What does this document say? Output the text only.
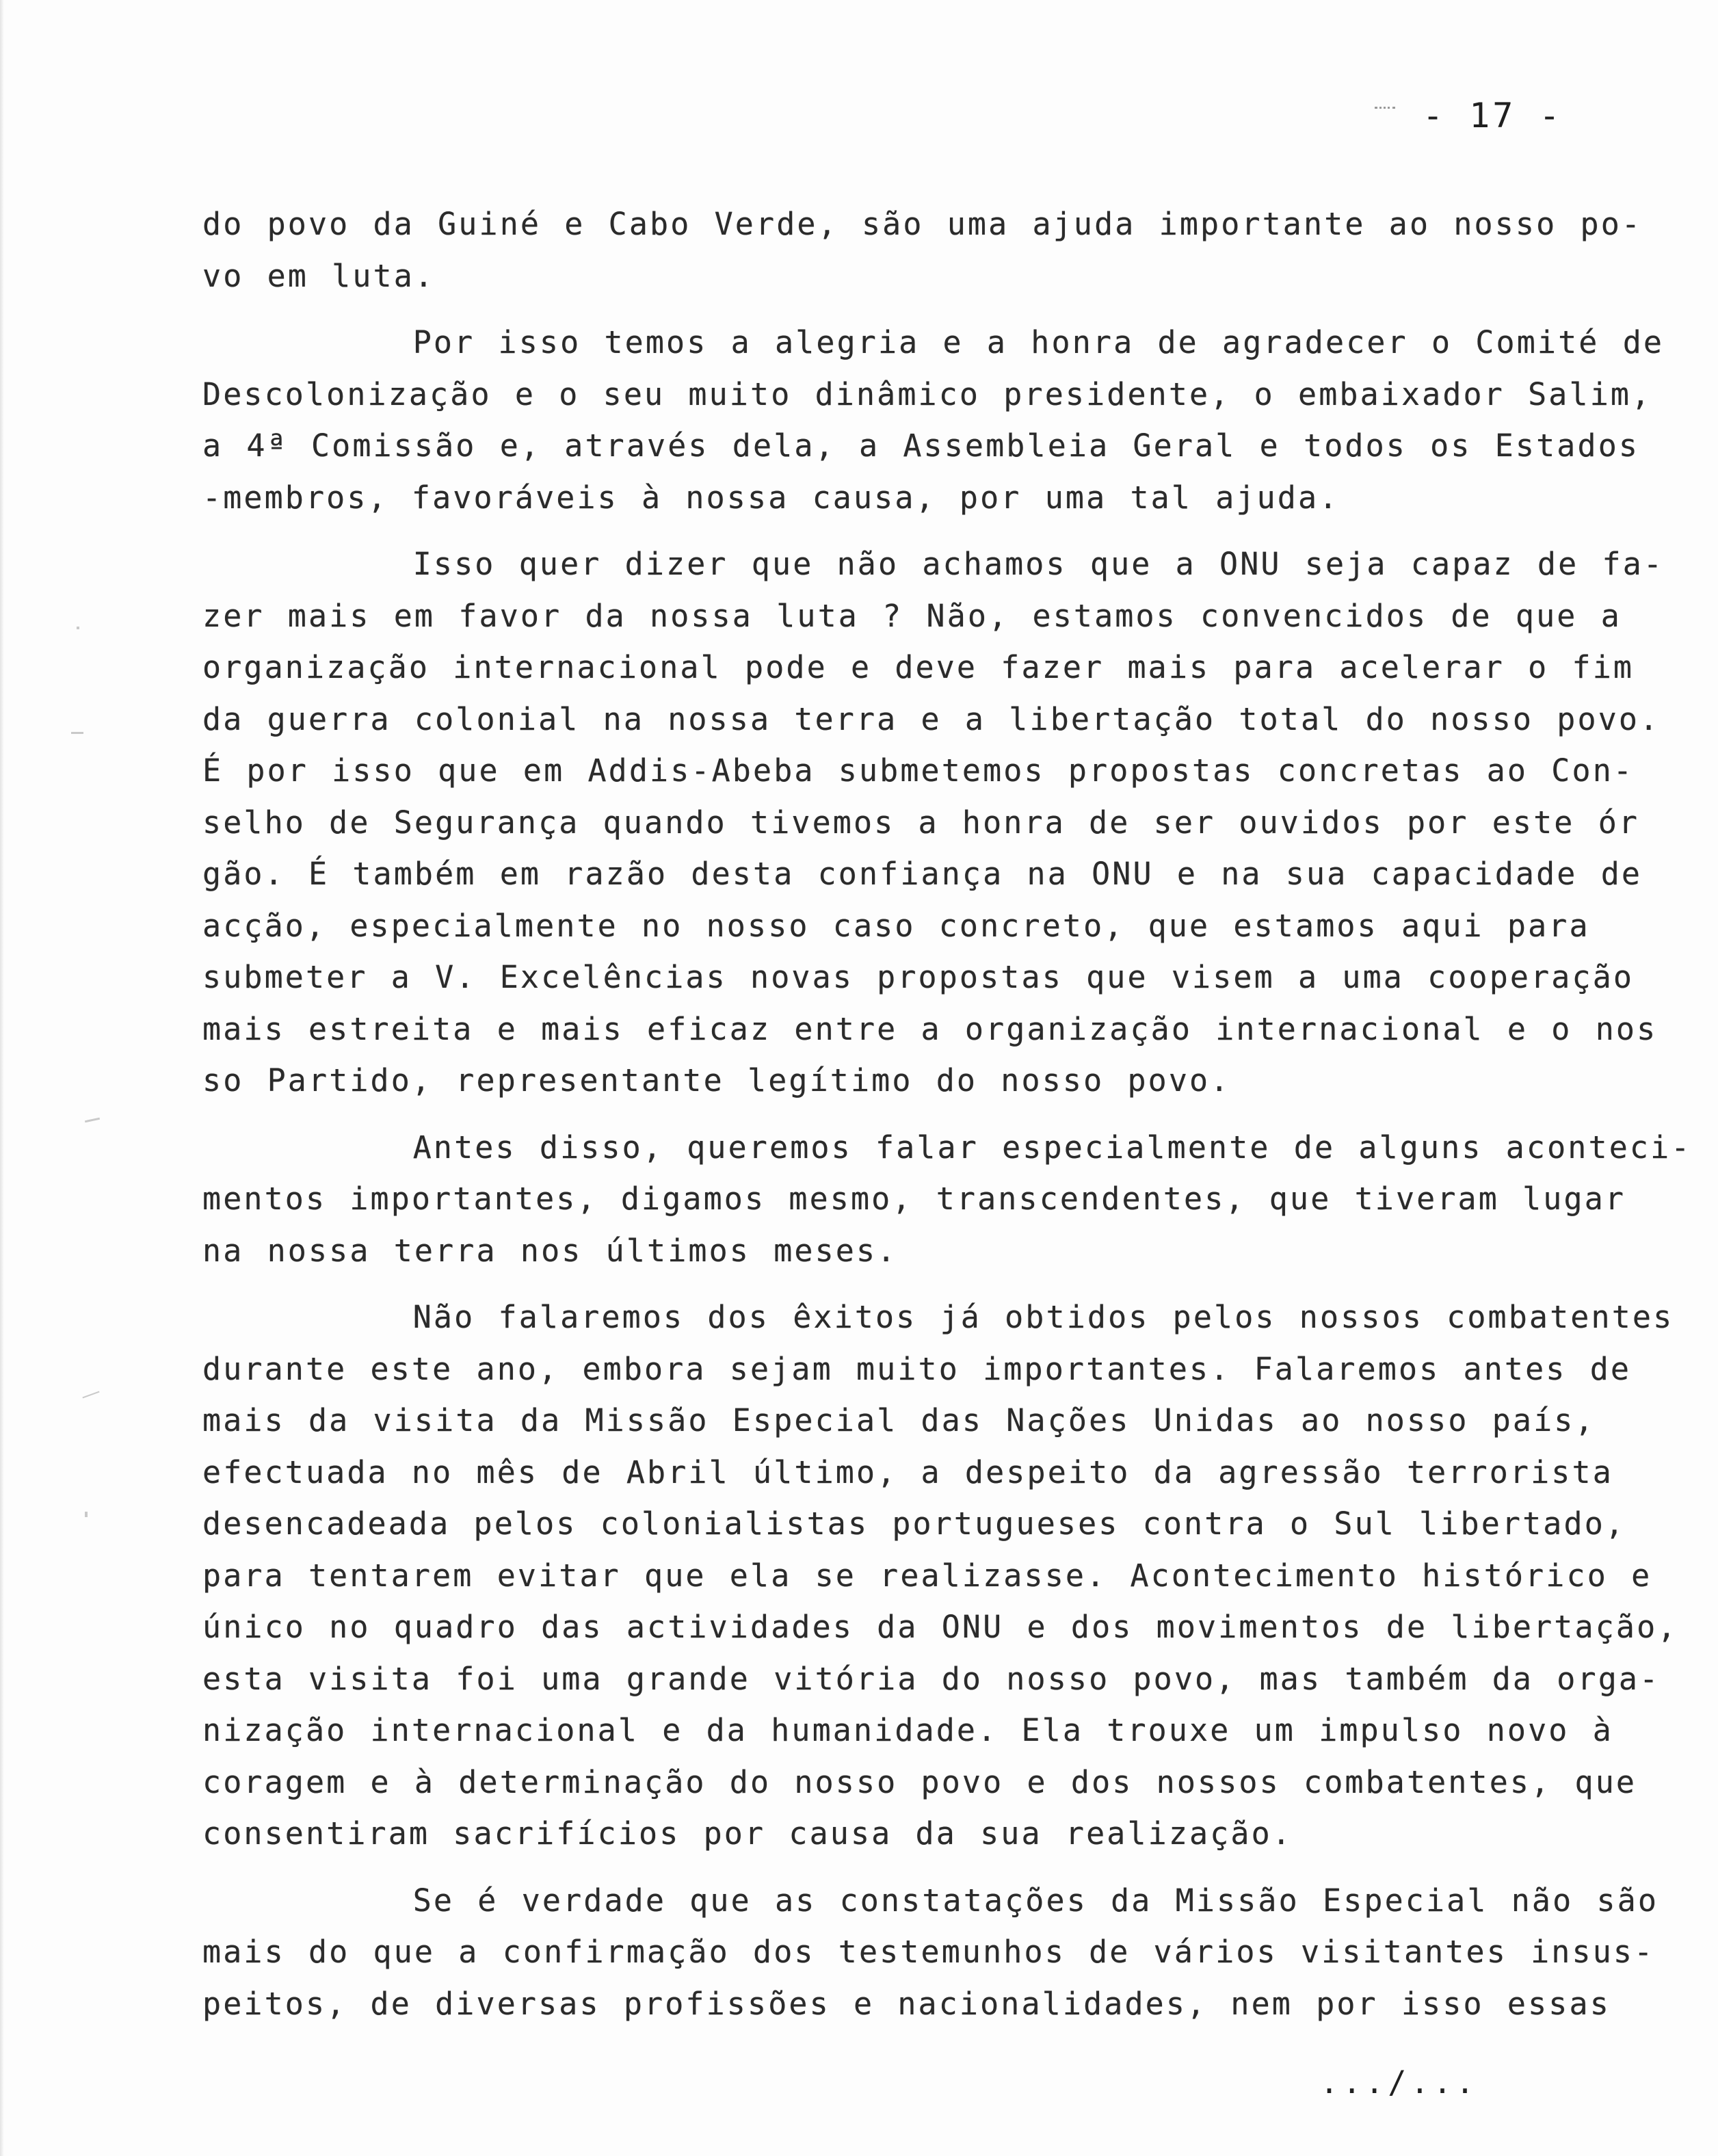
- 17 -
do povo da Guiné e Cabo Verde, são uma ajuda importante ao nosso po-
vo em luta.
Por isso temos a alegria e a honra de agradecer o Comité de
Descolonização e o seu muito dinâmico presidente, o embaixador Salim,
a 4ª Comissão e, através dela, a Assembleia Geral e todos os Estados
-membros, favoráveis à nossa causa, por uma tal ajuda.
Isso quer dizer que não achamos que a ONU seja capaz de fa-
zer mais em favor da nossa luta ? Não, estamos convencidos de que a
organização internacional pode e deve fazer mais para acelerar o fim
da guerra colonial na nossa terra e a libertação total do nosso povo.
É por isso que em Addis-Abeba submetemos propostas concretas ao Con-
selho de Segurança quando tivemos a honra de ser ouvidos por este ór
gão. É também em razão desta confiança na ONU e na sua capacidade de
acção, especialmente no nosso caso concreto, que estamos aqui para
submeter a V. Excelências novas propostas que visem a uma cooperação
mais estreita e mais eficaz entre a organização internacional e o nos
so Partido, representante legítimo do nosso povo.
Antes disso, queremos falar especialmente de alguns aconteci-
mentos importantes, digamos mesmo, transcendentes, que tiveram lugar
na nossa terra nos últimos meses.
Não falaremos dos êxitos já obtidos pelos nossos combatentes
durante este ano, embora sejam muito importantes. Falaremos antes de
mais da visita da Missão Especial das Nações Unidas ao nosso país,
efectuada no mês de Abril último, a despeito da agressão terrorista
desencadeada pelos colonialistas portugueses contra o Sul libertado,
para tentarem evitar que ela se realizasse. Acontecimento histórico e
único no quadro das actividades da ONU e dos movimentos de libertação,
esta visita foi uma grande vitória do nosso povo, mas também da orga-
nização internacional e da humanidade. Ela trouxe um impulso novo à
coragem e à determinação do nosso povo e dos nossos combatentes, que
consentiram sacrifícios por causa da sua realização.
Se é verdade que as constatações da Missão Especial não são
mais do que a confirmação dos testemunhos de vários visitantes insus-
peitos, de diversas profissões e nacionalidades, nem por isso essas
.../...
